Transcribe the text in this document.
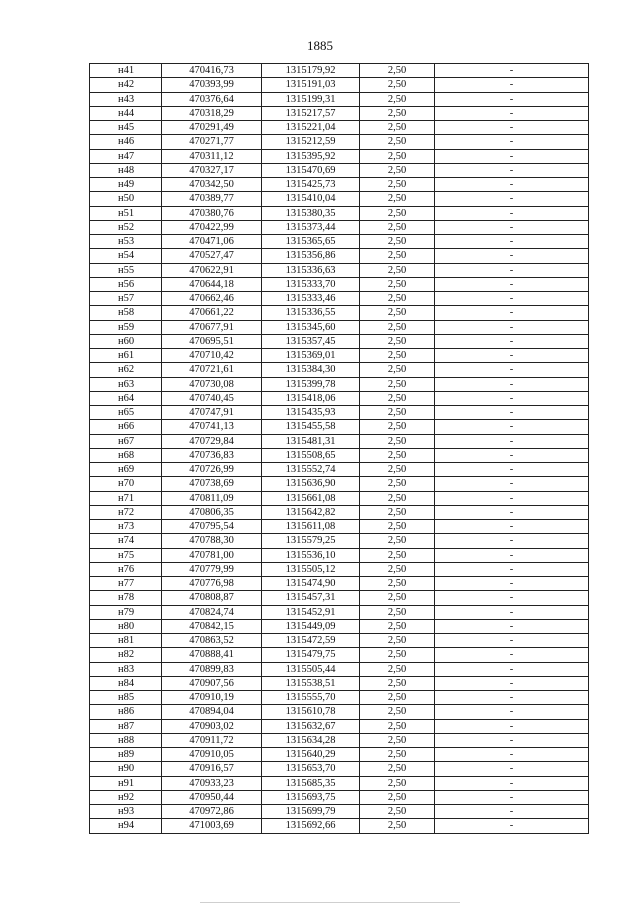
1885
н41	470416,73	1315179,92	2,50	-
н42	470393,99	1315191,03	2,50	-
н43	470376,64	1315199,31	2,50	-
н44	470318,29	1315217,57	2,50	-
н45	470291,49	1315221,04	2,50	-
н46	470271,77	1315212,59	2,50	-
н47	470311,12	1315395,92	2,50	-
н48	470327,17	1315470,69	2,50	-
н49	470342,50	1315425,73	2,50	-
н50	470389,77	1315410,04	2,50	-
н51	470380,76	1315380,35	2,50	-
н52	470422,99	1315373,44	2,50	-
н53	470471,06	1315365,65	2,50	-
н54	470527,47	1315356,86	2,50	-
н55	470622,91	1315336,63	2,50	-
н56	470644,18	1315333,70	2,50	-
н57	470662,46	1315333,46	2,50	-
н58	470661,22	1315336,55	2,50	-
н59	470677,91	1315345,60	2,50	-
н60	470695,51	1315357,45	2,50	-
н61	470710,42	1315369,01	2,50	-
н62	470721,61	1315384,30	2,50	-
н63	470730,08	1315399,78	2,50	-
н64	470740,45	1315418,06	2,50	-
н65	470747,91	1315435,93	2,50	-
н66	470741,13	1315455,58	2,50	-
н67	470729,84	1315481,31	2,50	-
н68	470736,83	1315508,65	2,50	-
н69	470726,99	1315552,74	2,50	-
н70	470738,69	1315636,90	2,50	-
н71	470811,09	1315661,08	2,50	-
н72	470806,35	1315642,82	2,50	-
н73	470795,54	1315611,08	2,50	-
н74	470788,30	1315579,25	2,50	-
н75	470781,00	1315536,10	2,50	-
н76	470779,99	1315505,12	2,50	-
н77	470776,98	1315474,90	2,50	-
н78	470808,87	1315457,31	2,50	-
н79	470824,74	1315452,91	2,50	-
н80	470842,15	1315449,09	2,50	-
н81	470863,52	1315472,59	2,50	-
н82	470888,41	1315479,75	2,50	-
н83	470899,83	1315505,44	2,50	-
н84	470907,56	1315538,51	2,50	-
н85	470910,19	1315555,70	2,50	-
н86	470894,04	1315610,78	2,50	-
н87	470903,02	1315632,67	2,50	-
н88	470911,72	1315634,28	2,50	-
н89	470910,05	1315640,29	2,50	-
н90	470916,57	1315653,70	2,50	-
н91	470933,23	1315685,35	2,50	-
н92	470950,44	1315693,75	2,50	-
н93	470972,86	1315699,79	2,50	-
н94	471003,69	1315692,66	2,50	-
